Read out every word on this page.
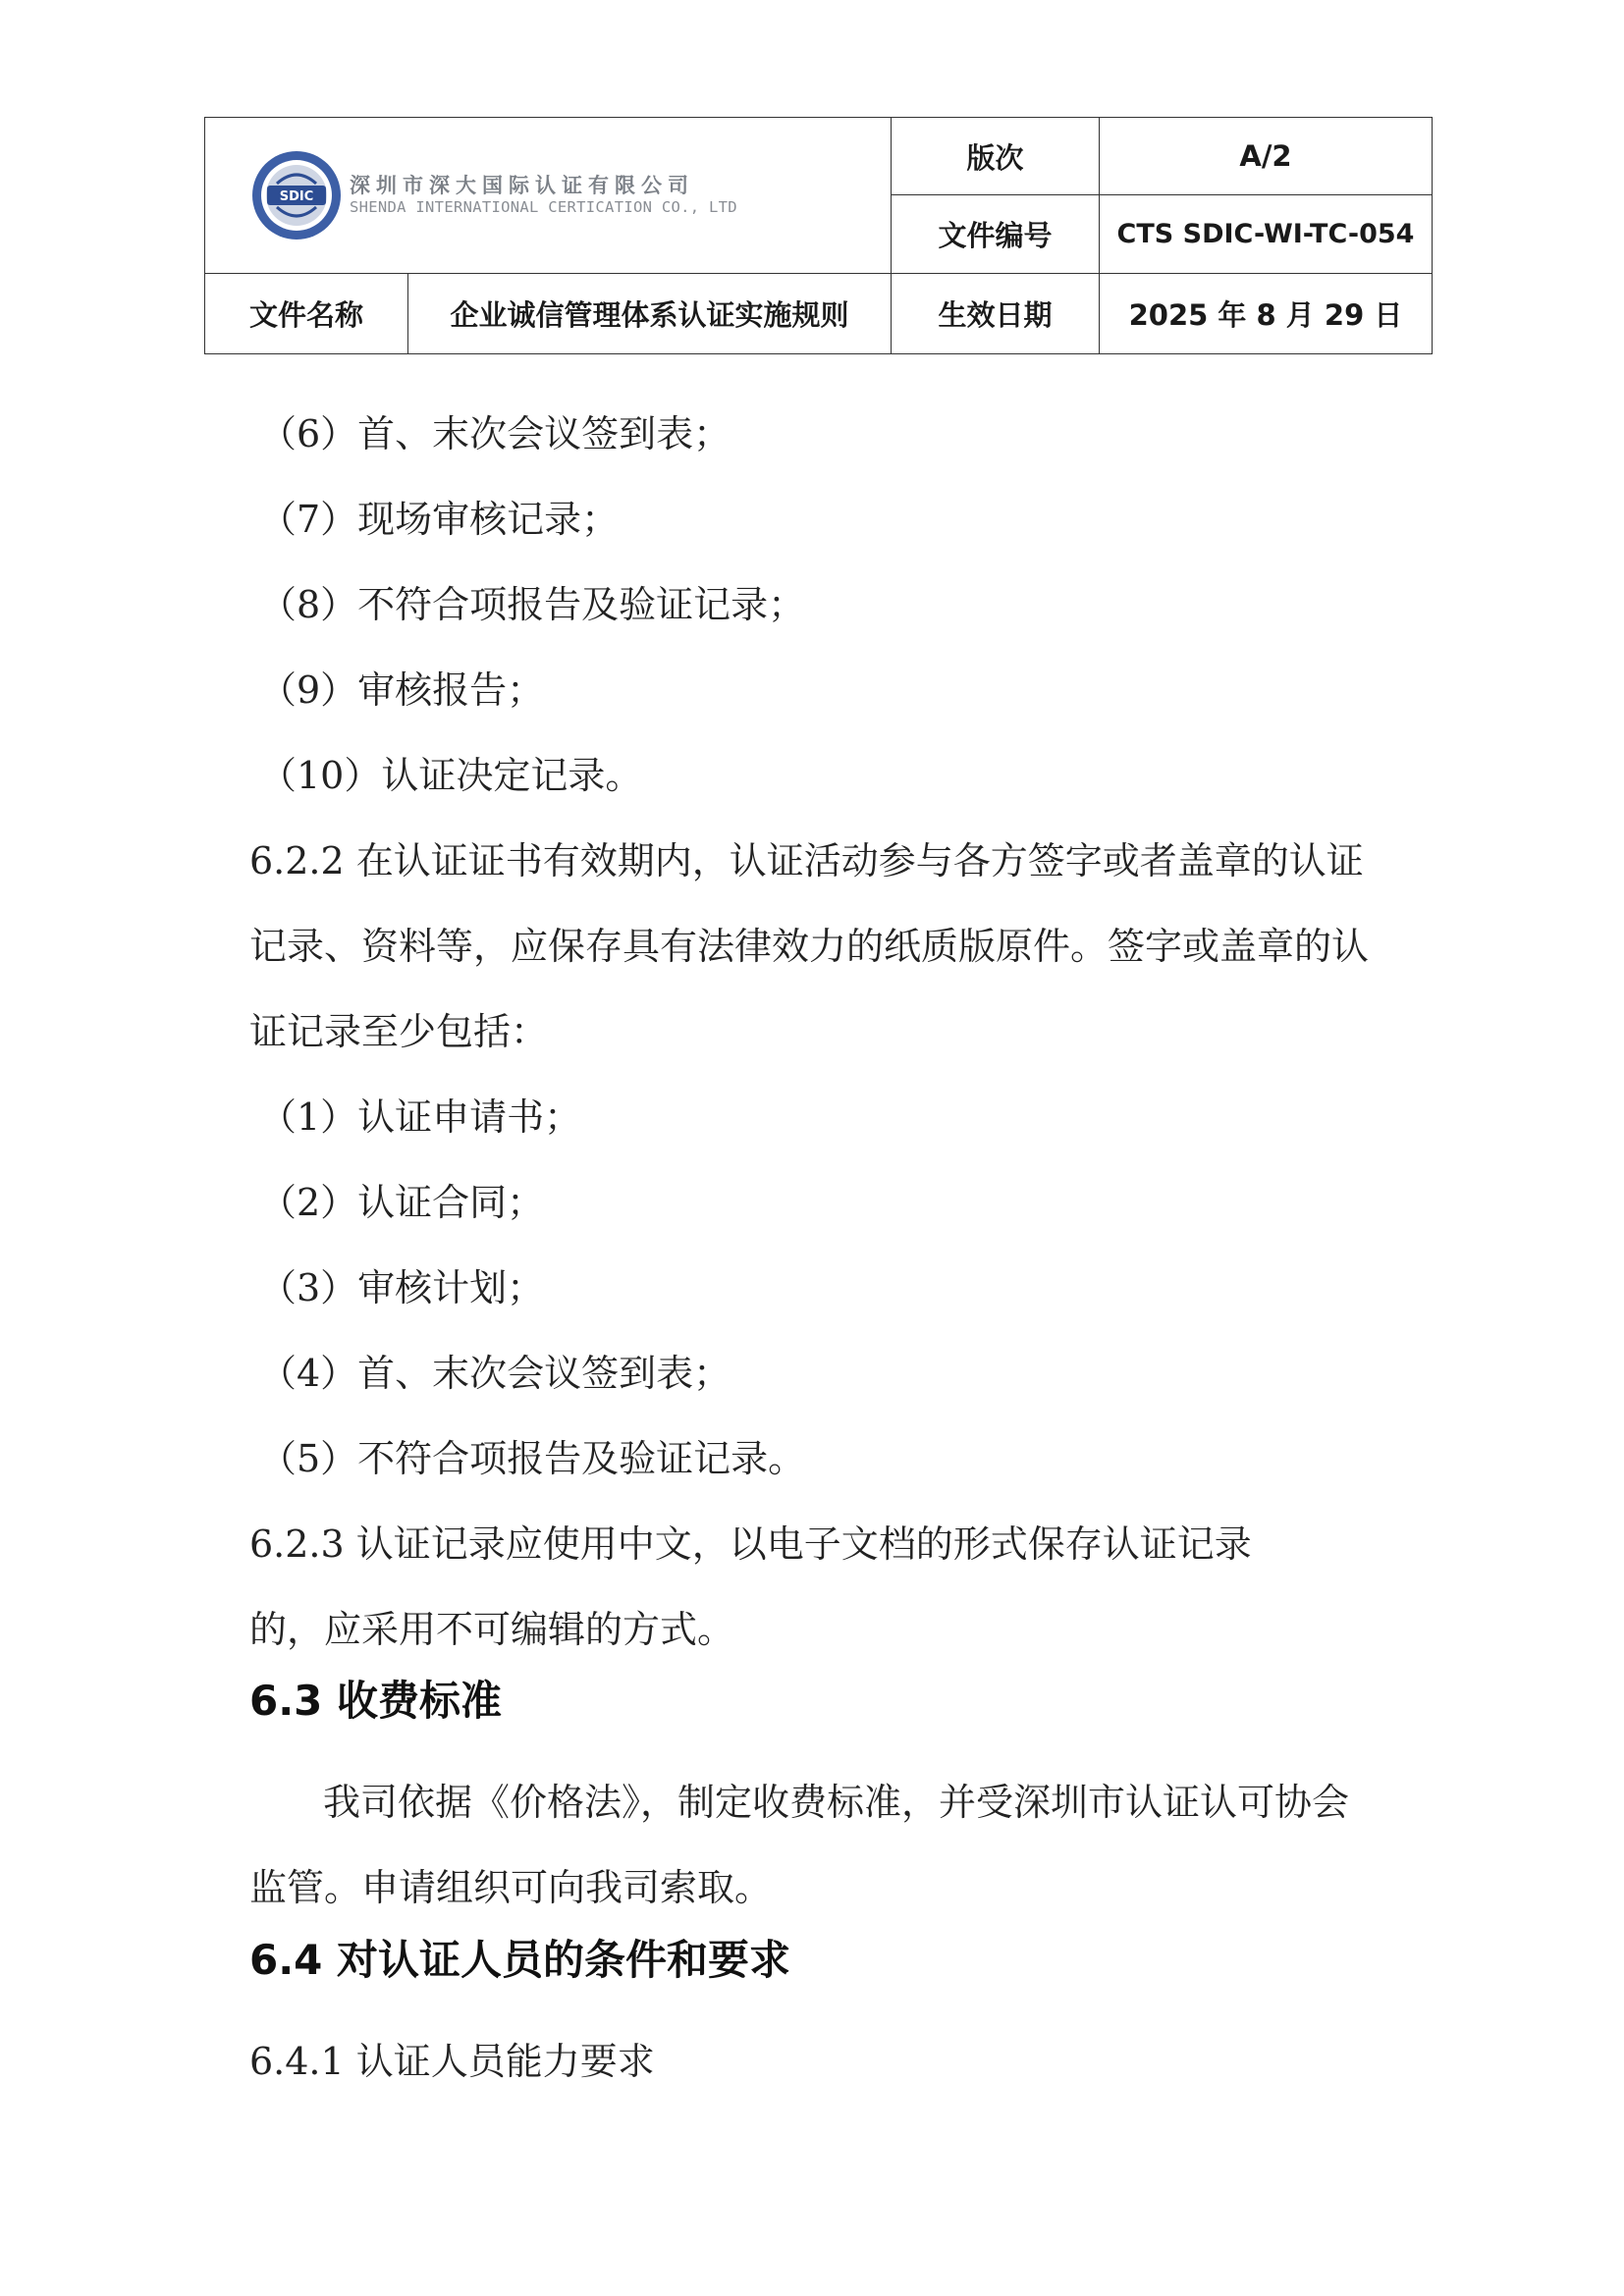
SDIC 深圳市深大国际认证有限公司
SHENDA INTERNATIONAL CERTICATION CO., LTD		版次	A/2
		文件编号	CTS SDIC-WI-TC-054
文件名称	企业诚信管理体系认证实施规则	生效日期	2025 年 8 月 29 日
（6）首、末次会议签到表；
（7）现场审核记录；
（8）不符合项报告及验证记录；
（9）审核报告；
（10）认证决定记录。
6.2.2 在认证证书有效期内，认证活动参与各方签字或者盖章的认证
记录、资料等，应保存具有法律效力的纸质版原件。签字或盖章的认
证记录至少包括：
（1）认证申请书；
（2）认证合同；
（3）审核计划；
（4）首、末次会议签到表；
（5）不符合项报告及验证记录。
6.2.3 认证记录应使用中文，以电子文档的形式保存认证记录
的，应采用不可编辑的方式。
6.3 收费标准
我司依据《价格法》，制定收费标准，并受深圳市认证认可协会
监管。申请组织可向我司索取。
6.4 对认证人员的条件和要求
6.4.1 认证人员能力要求
